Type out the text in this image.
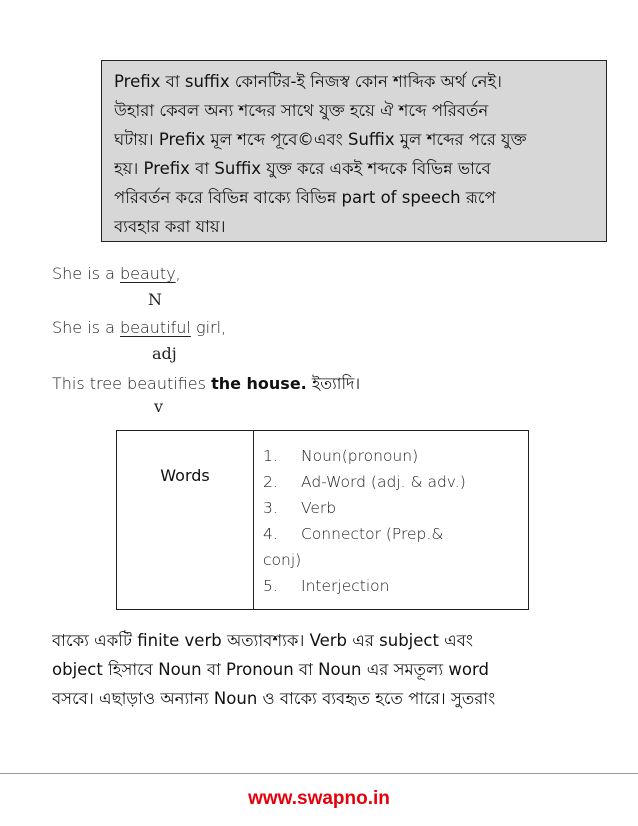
Prefix বা suffix কোনটির-ই নিজস্ব কোন শাব্দিক অর্থ নেই।
উহারা কেবল অন্য শব্দের সাথে যুক্ত হয়ে ঐ শব্দে পরিবর্তন
ঘটায়। Prefix মূল শব্দে পূবে©এবং Suffix মুল শব্দের পরে যুক্ত
হয়। Prefix বা Suffix যুক্ত করে একই শব্দকে বিভিন্ন ভাবে
পরিবর্তন করে বিভিন্ন বাক্যে বিভিন্ন part of speech রূপে
ব্যবহার করা যায়।
She is a beauty,
N
She is a beautiful girl,
adj
This tree beautifies the house. ইত্যাদি।
v
Words	
1. Noun(pronoun)
2. Ad-Word (adj. & adv.)
3. Verb
4. Connector (Prep.&
conj)
5. Interjection
বাক্যে একটি finite verb অত্যাবশ্যক। Verb এর subject এবং
object হিসাবে Noun বা Pronoun বা Noun এর সমতূল্য word
বসবে। এছাড়াও অন্যান্য Noun ও বাক্যে ব্যবহৃত হতে পারে। সুতরাং
www.swapno.in
